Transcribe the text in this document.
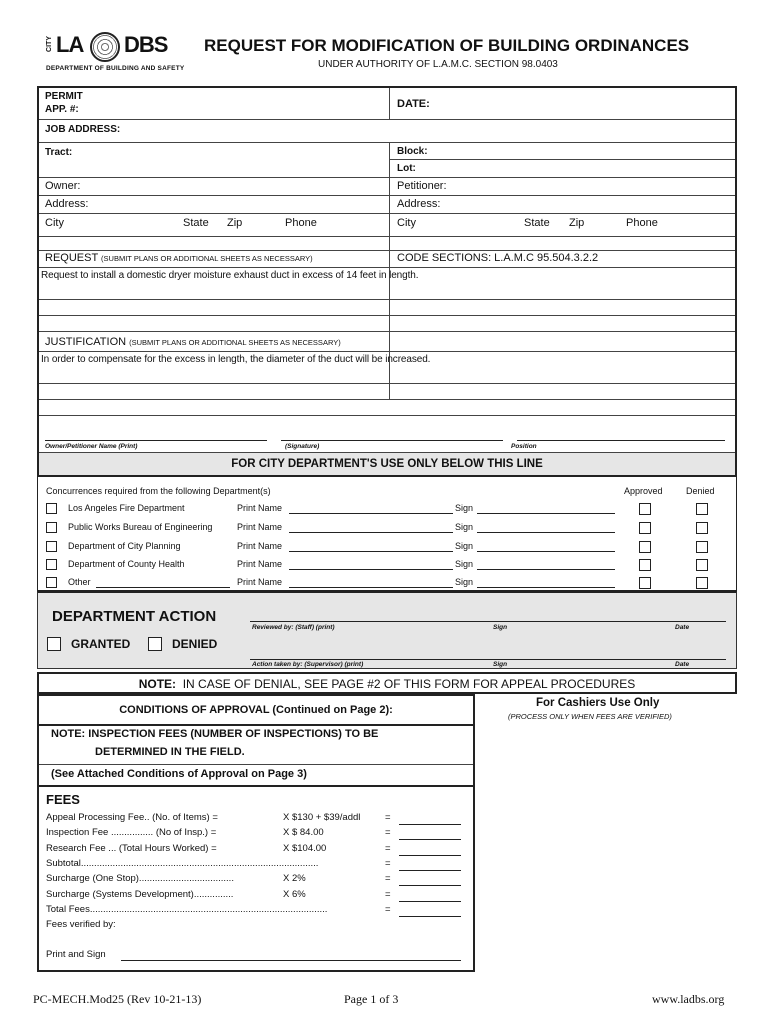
CITY LA DBS
DEPARTMENT OF BUILDING AND SAFETY
REQUEST FOR MODIFICATION OF BUILDING ORDINANCES
UNDER AUTHORITY OF L.A.M.C. SECTION 98.0403
PERMIT
APP. #:	DATE:
JOB ADDRESS:
Tract:	Block:
Lot:
Owner:	Petitioner:
Address:	Address:
City	State Zip	Phone	City	State Zip	Phone
REQUEST (SUBMIT PLANS OR ADDITIONAL SHEETS AS NECESSARY)	CODE SECTIONS: L.A.M.C 95.504.3.2.2
Request to install a domestic dryer moisture exhaust duct in excess of 14 feet in length.
JUSTIFICATION (SUBMIT PLANS OR ADDITIONAL SHEETS AS NECESSARY)
In order to compensate for the excess in length, the diameter of the duct will be increased.
Owner/Petitioner Name (Print)	(Signature)	Position
FOR CITY DEPARTMENT'S USE ONLY BELOW THIS LINE
Concurrences required from the following Department(s)	Approved	Denied
Los Angeles Fire Department	Print Name	Sign
Public Works Bureau of Engineering	Print Name	Sign
Department of City Planning	Print Name	Sign
Department of County Health	Print Name	Sign
Other	Print Name	Sign
DEPARTMENT ACTION
GRANTED	DENIED
Reviewed by: (Staff) (print)	Sign	Date
Action taken by: (Supervisor) (print)	Sign	Date
NOTE: IN CASE OF DENIAL, SEE PAGE #2 OF THIS FORM FOR APPEAL PROCEDURES
CONDITIONS OF APPROVAL (Continued on Page 2):
NOTE: INSPECTION FEES (NUMBER OF INSPECTIONS) TO BE
DETERMINED IN THE FIELD.
(See Attached Conditions of Approval on Page 3)
FEES
Appeal Processing Fee.. (No. of Items) =	X $130 + $39/addl	=
Inspection Fee ................ (No of Insp.) =	X $ 84.00	=
Research Fee ... (Total Hours Worked) =	X $104.00	=
Subtotal..........................................................................................	=
Surcharge (One Stop)....................................	X 2%	=
Surcharge (Systems Development)...............	X 6%	=
Total Fees..........................................................................................	=
Fees verified by:
Print and Sign
For Cashiers Use Only
(PROCESS ONLY WHEN FEES ARE VERIFIED)
PC-MECH.Mod25 (Rev 10-21-13)	Page 1 of 3	www.ladbs.org
